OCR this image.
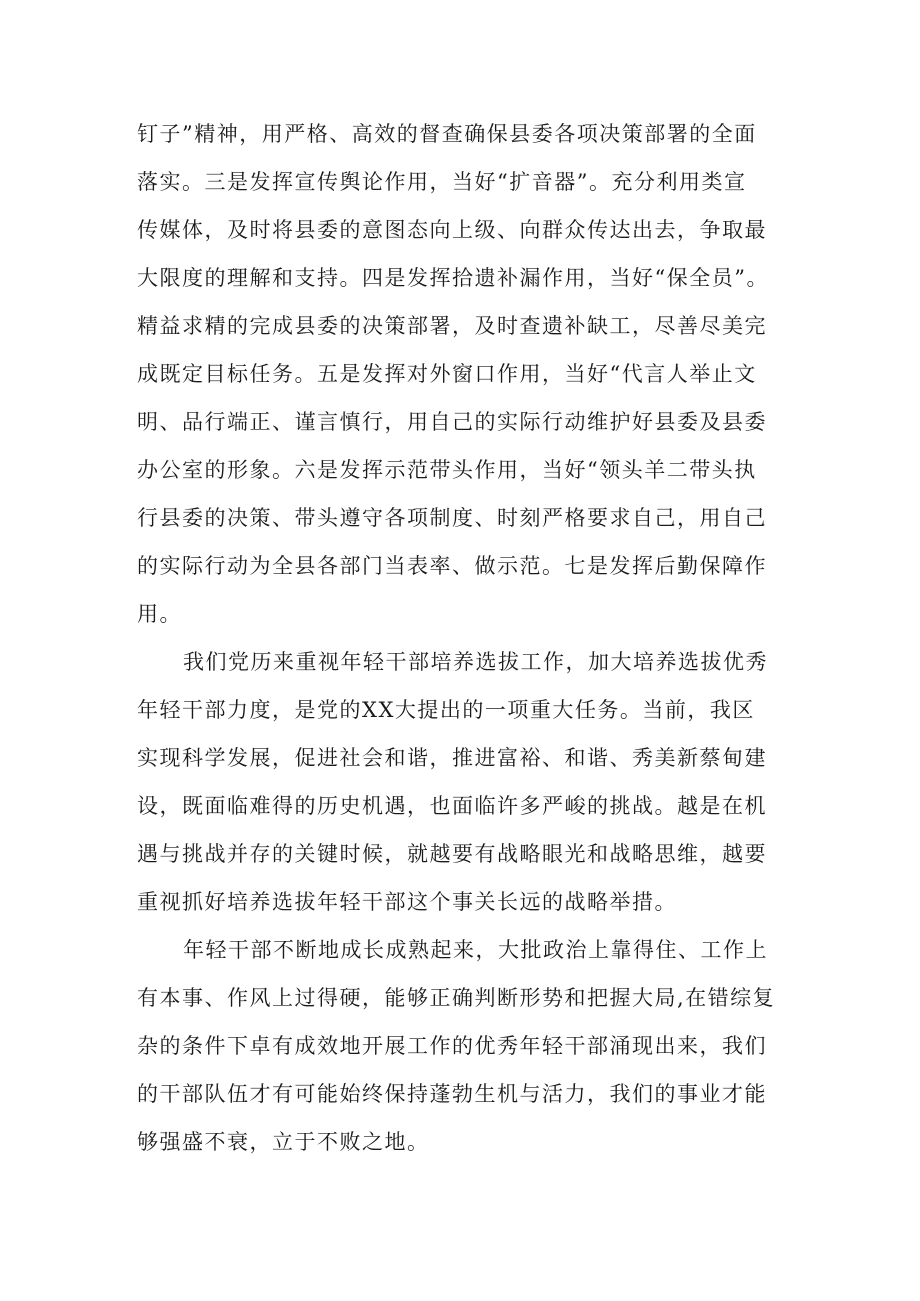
钉子”精神，用严格、高效的督查确保县委各项决策部署的全面
落实。三是发挥宣传舆论作用，当好“扩音器”。充分利用类宣
传媒体，及时将县委的意图态向上级、向群众传达出去，争取最
大限度的理解和支持。四是发挥拾遗补漏作用，当好“保全员”。
精益求精的完成县委的决策部署，及时查遗补缺工，尽善尽美完
成既定目标任务。五是发挥对外窗口作用，当好“代言人举止文
明、品行端正、谨言慎行，用自己的实际行动维护好县委及县委
办公室的形象。六是发挥示范带头作用，当好“领头羊二带头执
行县委的决策、带头遵守各项制度、时刻严格要求自己，用自己
的实际行动为全县各部门当表率、做示范。七是发挥后勤保障作
用。
我们党历来重视年轻干部培养选拔工作，加大培养选拔优秀
年轻干部力度，是党的XX大提出的一项重大任务。当前，我区
实现科学发展，促进社会和谐，推进富裕、和谐、秀美新蔡甸建
设，既面临难得的历史机遇，也面临许多严峻的挑战。越是在机
遇与挑战并存的关键时候，就越要有战略眼光和战略思维，越要
重视抓好培养选拔年轻干部这个事关长远的战略举措。
年轻干部不断地成长成熟起来，大批政治上靠得住、工作上
有本事、作风上过得硬，能够正确判断形势和把握大局,在错综复
杂的条件下卓有成效地开展工作的优秀年轻干部涌现出来，我们
的干部队伍才有可能始终保持蓬勃生机与活力，我们的事业才能
够强盛不衰，立于不败之地。
